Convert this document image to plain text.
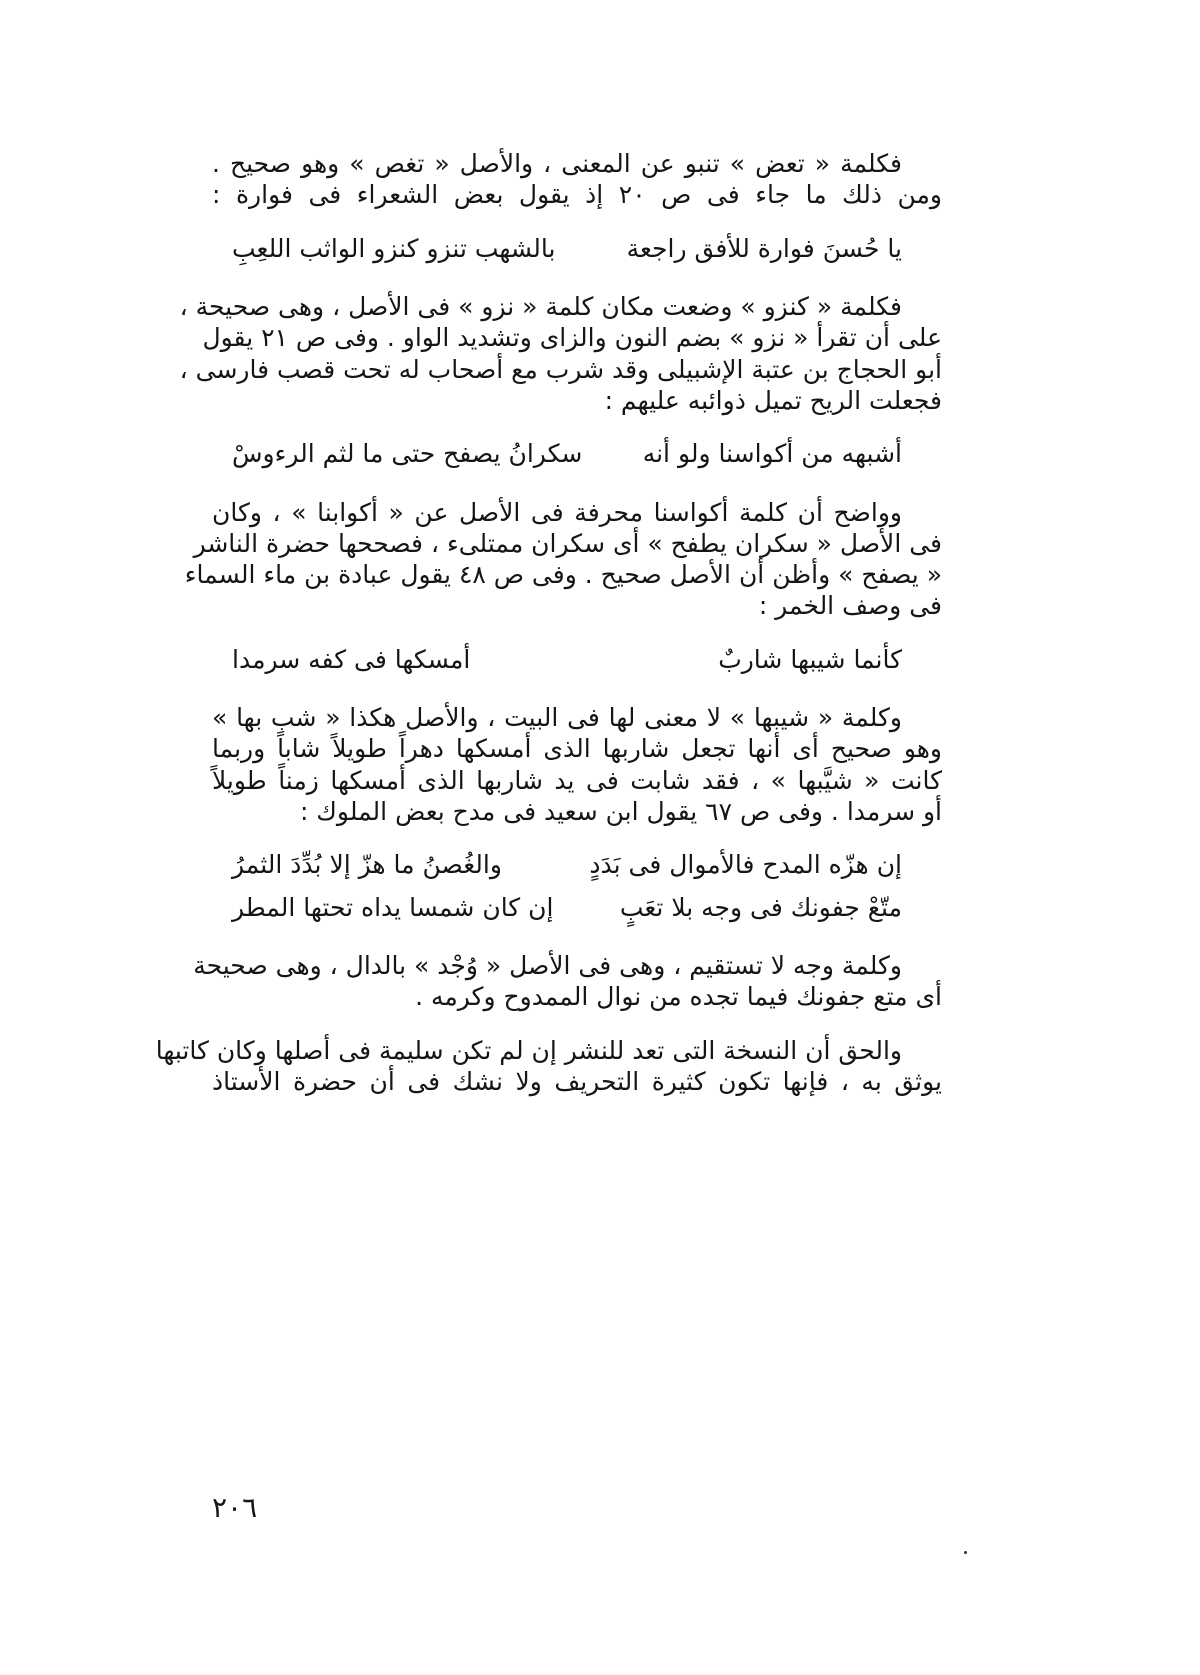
فكلمة « تعض » تنبو عن المعنى ، والأصل « تغص » وهو صحيح .
ومن ذلك ما جاء فى ص ٢٠ إذ يقول بعض الشعراء فى فوارة :
يا حُسنَ فوارة للأفق راجعة
بالشهب تنزو كنزو الواثب اللعِبِ
فكلمة « كنزو » وضعت مكان كلمة « نزو » فى الأصل ، وهى صحيحة ،
على أن تقرأ « نزو » بضم النون والزاى وتشديد الواو . وفى ص ٢١ يقول
أبو الحجاج بن عتبة الإشبيلى وقد شرب مع أصحاب له تحت قصب فارسى ،
فجعلت الريح تميل ذوائبه عليهم :
أشبهه من أكواسنا ولو أنه
سكرانُ يصفح حتى ما لثم الرءوسْ
وواضح أن كلمة أكواسنا محرفة فى الأصل عن « أكوابنا » ، وكان
فى الأصل « سكران يطفح » أى سكران ممتلىء ، فصححها حضرة الناشر
« يصفح » وأظن أن الأصل صحيح . وفى ص ٤٨ يقول عبادة بن ماء السماء
فى وصف الخمر :
كأنما شيبها شاربٌ
أمسكها فى كفه سرمدا
وكلمة « شيبها » لا معنى لها فى البيت ، والأصل هكذا « شب بها »
وهو صحيح أى أنها تجعل شاربها الذى أمسكها دهراً طويلاً شاباً وربما
كانت « شيَّبها » ، فقد شابت فى يد شاربها الذى أمسكها زمناً طويلاً
أو سرمدا . وفى ص ٦٧ يقول ابن سعيد فى مدح بعض الملوك :
إن هزّه المدح فالأموال فى بَدَدٍ
والغُصنُ ما هزّ إلا بُدِّدَ الثمرُ
متّعْ جفونك فى وجه بلا تعَبٍ
إن كان شمسا يداه تحتها المطر
وكلمة وجه لا تستقيم ، وهى فى الأصل « وُجْد » بالدال ، وهى صحيحة
أى متع جفونك فيما تجده من نوال الممدوح وكرمه .
والحق أن النسخة التى تعد للنشر إن لم تكن سليمة فى أصلها وكان كاتبها
يوثق به ، فإنها تكون كثيرة التحريف ولا نشك فى أن حضرة الأستاذ
٢٠٦
